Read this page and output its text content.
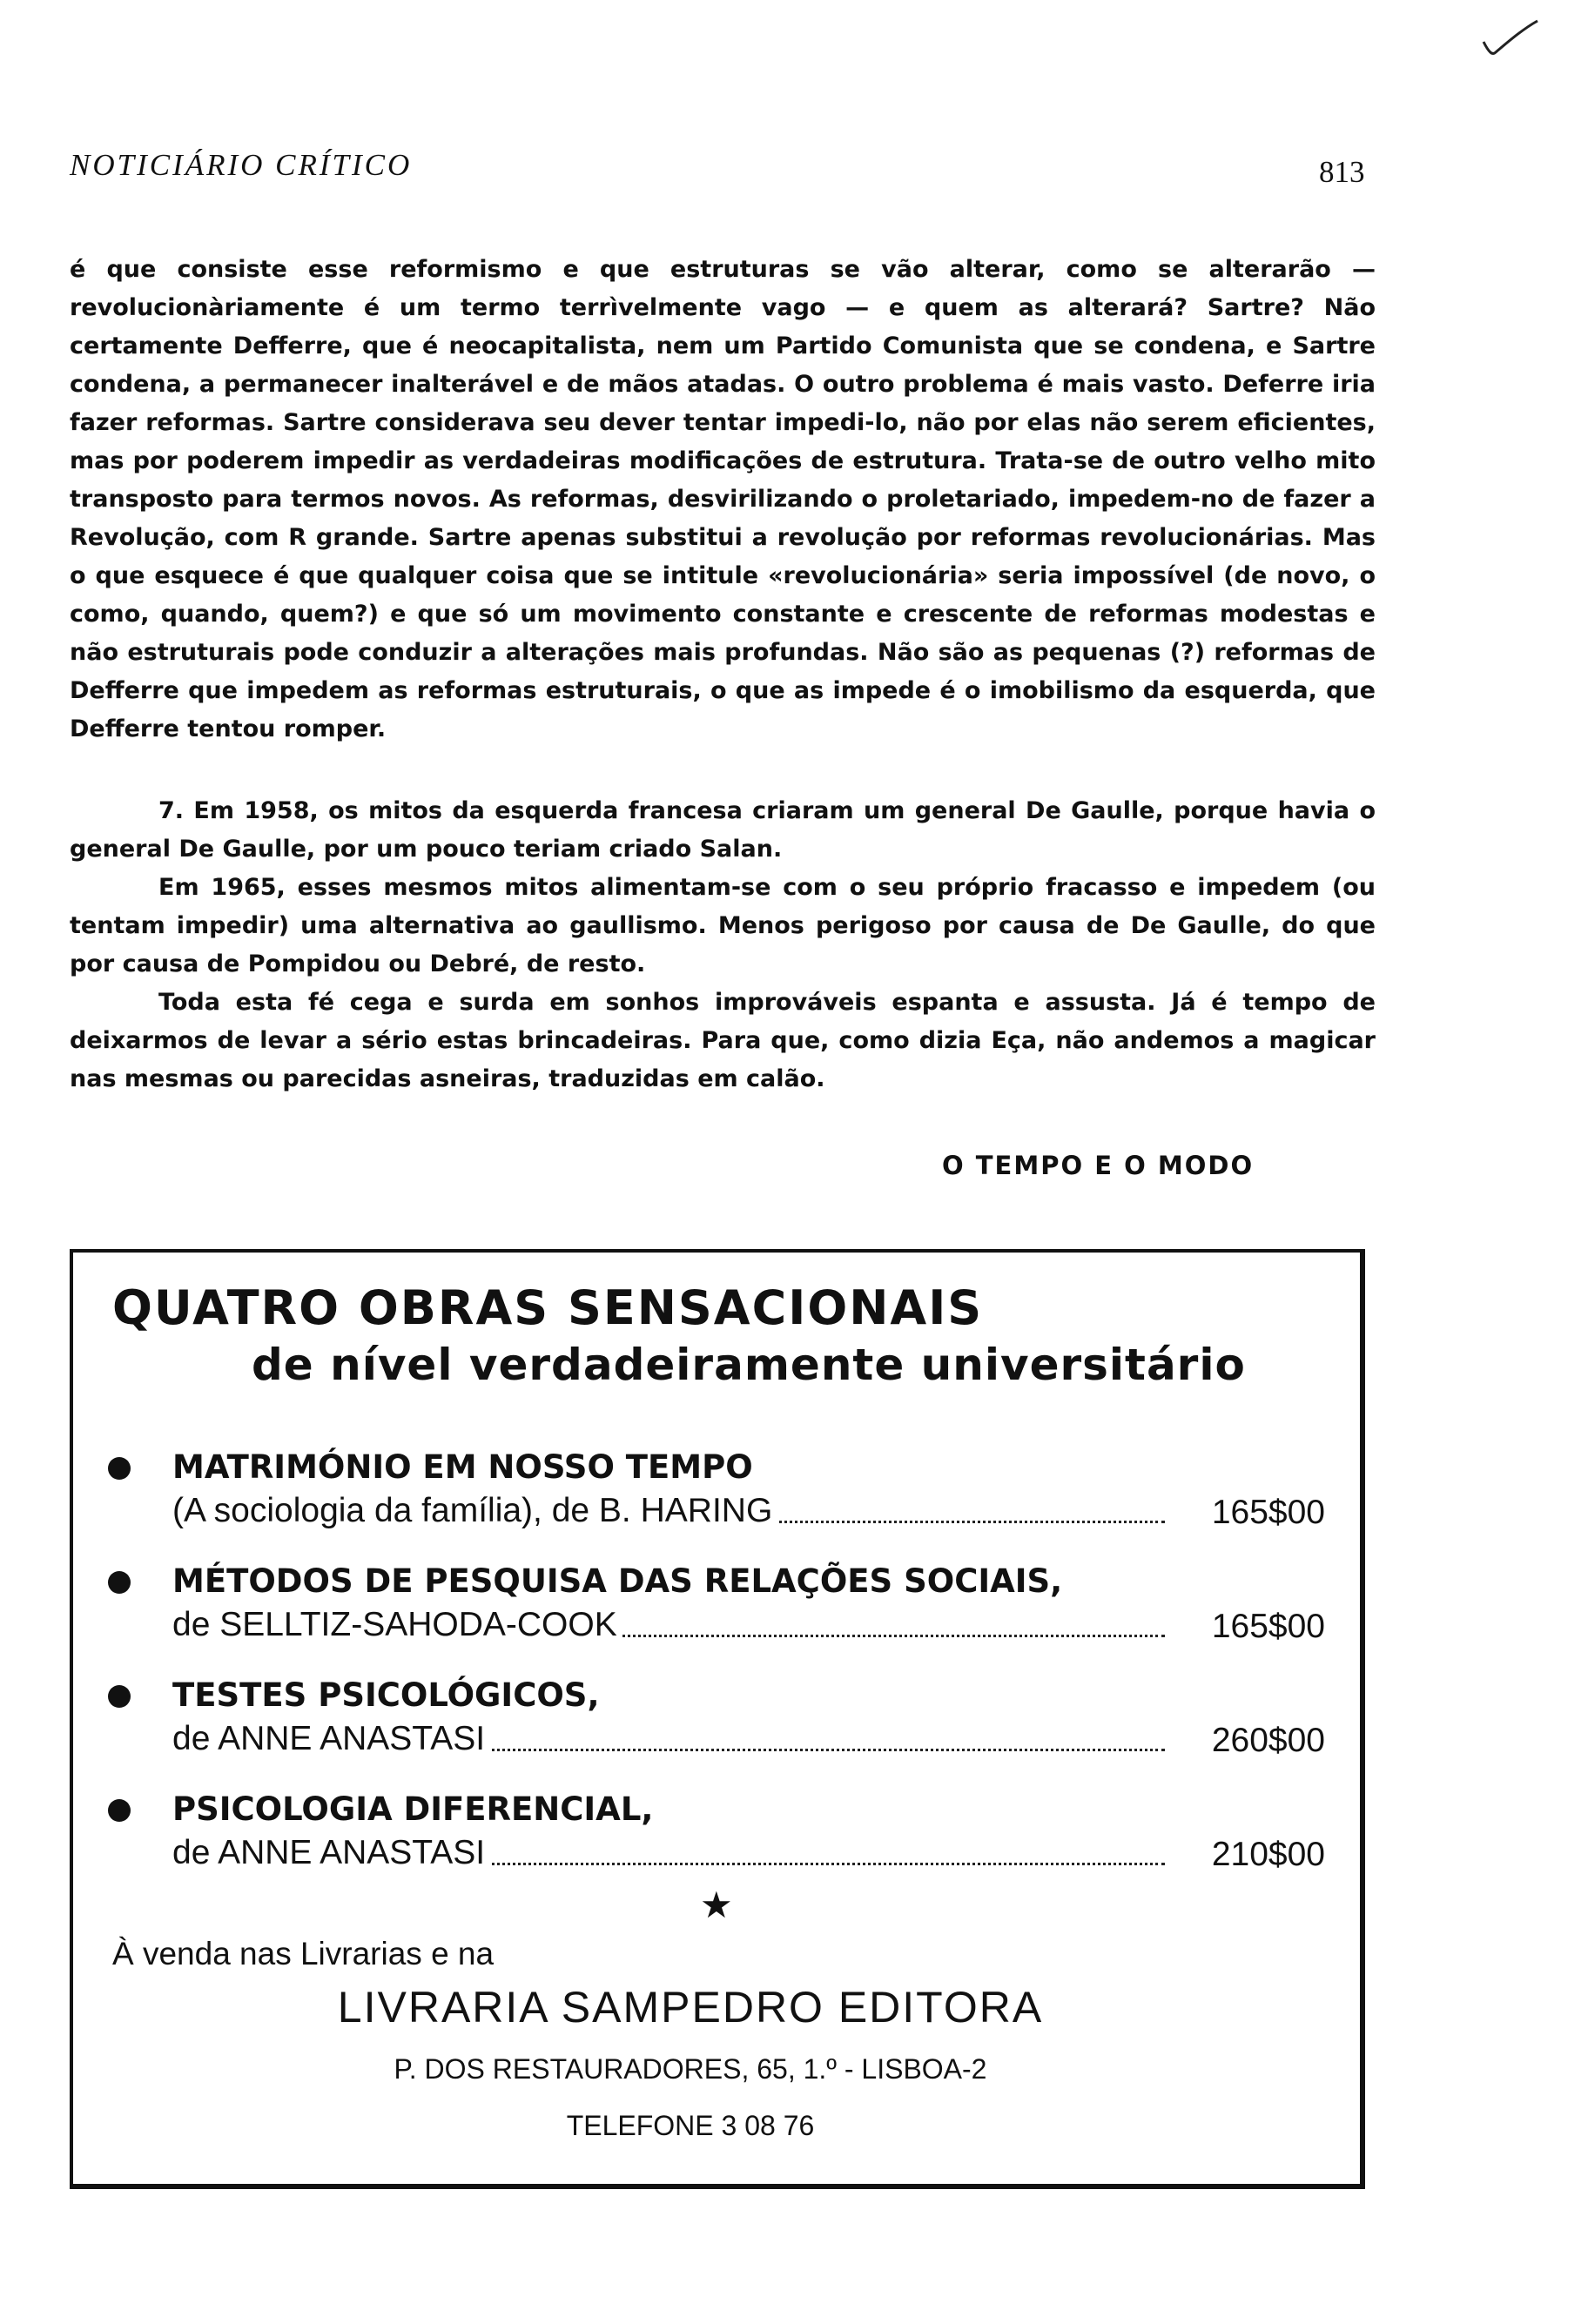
NOTICIÁRIO CRÍTICO	813

é que consiste esse reformismo e que estruturas se vão alterar, como se alterarão — revolucionàriamente é um termo terrìvelmente vago — e quem as alterará? Sartre? Não certamente Defferre, que é neocapitalista, nem um Partido Comunista que se condena, e Sartre condena, a permanecer inalterável e de mãos atadas. O outro problema é mais vasto. Deferre iria fazer reformas. Sartre considerava seu dever tentar impedi-lo, não por elas não serem eficientes, mas por poderem impedir as verdadeiras modificações de estrutura. Trata-se de outro velho mito transposto para termos novos. As reformas, desvirilizando o proletariado, impedem-no de fazer a Revolução, com R grande. Sartre apenas substitui a revolução por reformas revolucionárias. Mas o que esquece é que qualquer coisa que se intitule «revolucionária» seria impossível (de novo, o como, quando, quem?) e que só um movimento constante e crescente de reformas modestas e não estruturais pode conduzir a alterações mais profundas. Não são as pequenas (?) reformas de Defferre que impedem as reformas estruturais, o que as impede é o imobilismo da esquerda, que Defferre tentou romper.

7. Em 1958, os mitos da esquerda francesa criaram um general De Gaulle, porque havia o general De Gaulle, por um pouco teriam criado Salan.

Em 1965, esses mesmos mitos alimentam-se com o seu próprio fracasso e impedem (ou tentam impedir) uma alternativa ao gaullismo. Menos perigoso por causa de De Gaulle, do que por causa de Pompidou ou Debré, de resto.

Toda esta fé cega e surda em sonhos improváveis espanta e assusta. Já é tempo de deixarmos de levar a sério estas brincadeiras. Para que, como dizia Eça, não andemos a magicar nas mesmas ou parecidas asneiras, traduzidas em calão.

O TEMPO E O MODO
QUATRO OBRAS SENSACIONAIS
de nível verdadeiramente universitário
MATRIMÓNIO EM NOSSO TEMPO
(A sociologia da família), de B. HARING	165$00
MÉTODOS DE PESQUISA DAS RELAÇÕES SOCIAIS,
de SELLTIZ-SAHODA-COOK	165$00
TESTES PSICOLÓGICOS,
de ANNE ANASTASI	260$00
PSICOLOGIA DIFERENCIAL,
de ANNE ANASTASI	210$00
★
À venda nas Livrarias e na
LIVRARIA SAMPEDRO EDITORA
P. DOS RESTAURADORES, 65, 1.º - LISBOA-2
TELEFONE 3 08 76
